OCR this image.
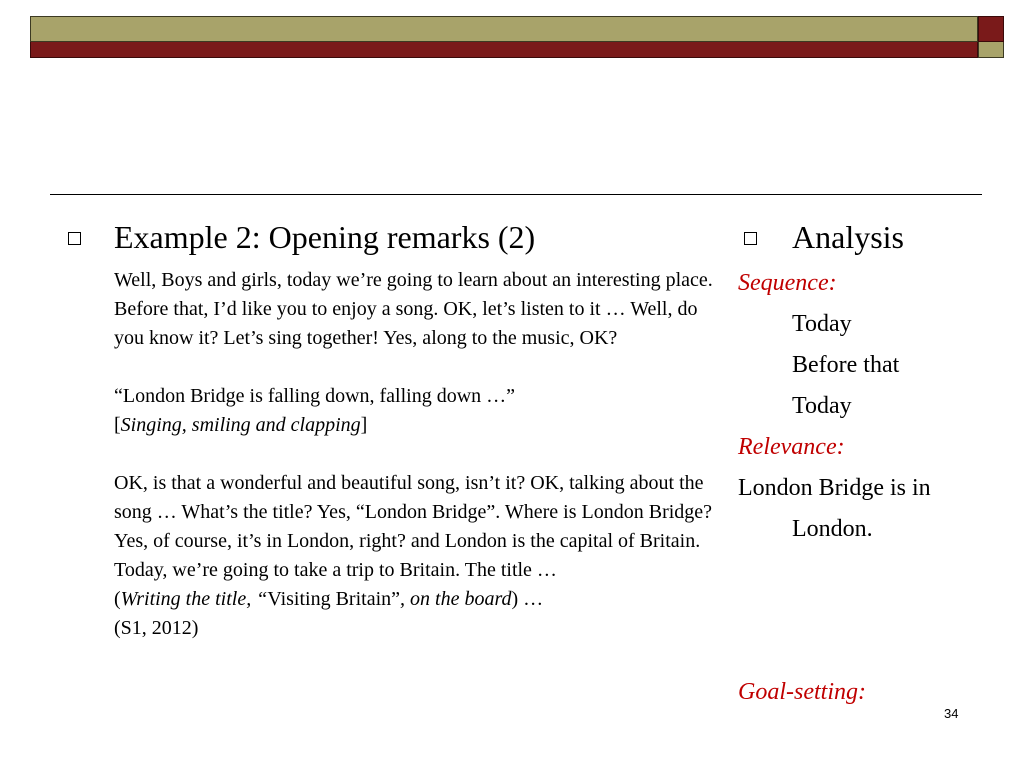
Example 2: Opening remarks (2)

Well, Boys and girls, today we’re going to learn about an interesting place. Before that, I’d like you to enjoy a song. OK, let’s listen to it … Well, do you know it? Let’s sing together! Yes, along to the music, OK?

“London Bridge is falling down, falling down …”
[Singing, smiling and clapping]

OK, is that a wonderful and beautiful song, isn’t it? OK, talking about the song … What’s the title? Yes, “London Bridge”. Where is London Bridge? Yes, of course, it’s in London, right? and London is the capital of Britain. Today, we’re going to take a trip to Britain. The title …
(Writing the title, “Visiting Britain”, on the board) …
(S1, 2012)

Analysis
Sequence:
Today
Before that
Today
Relevance:
London Bridge is in
London.
Goal-setting:
34
